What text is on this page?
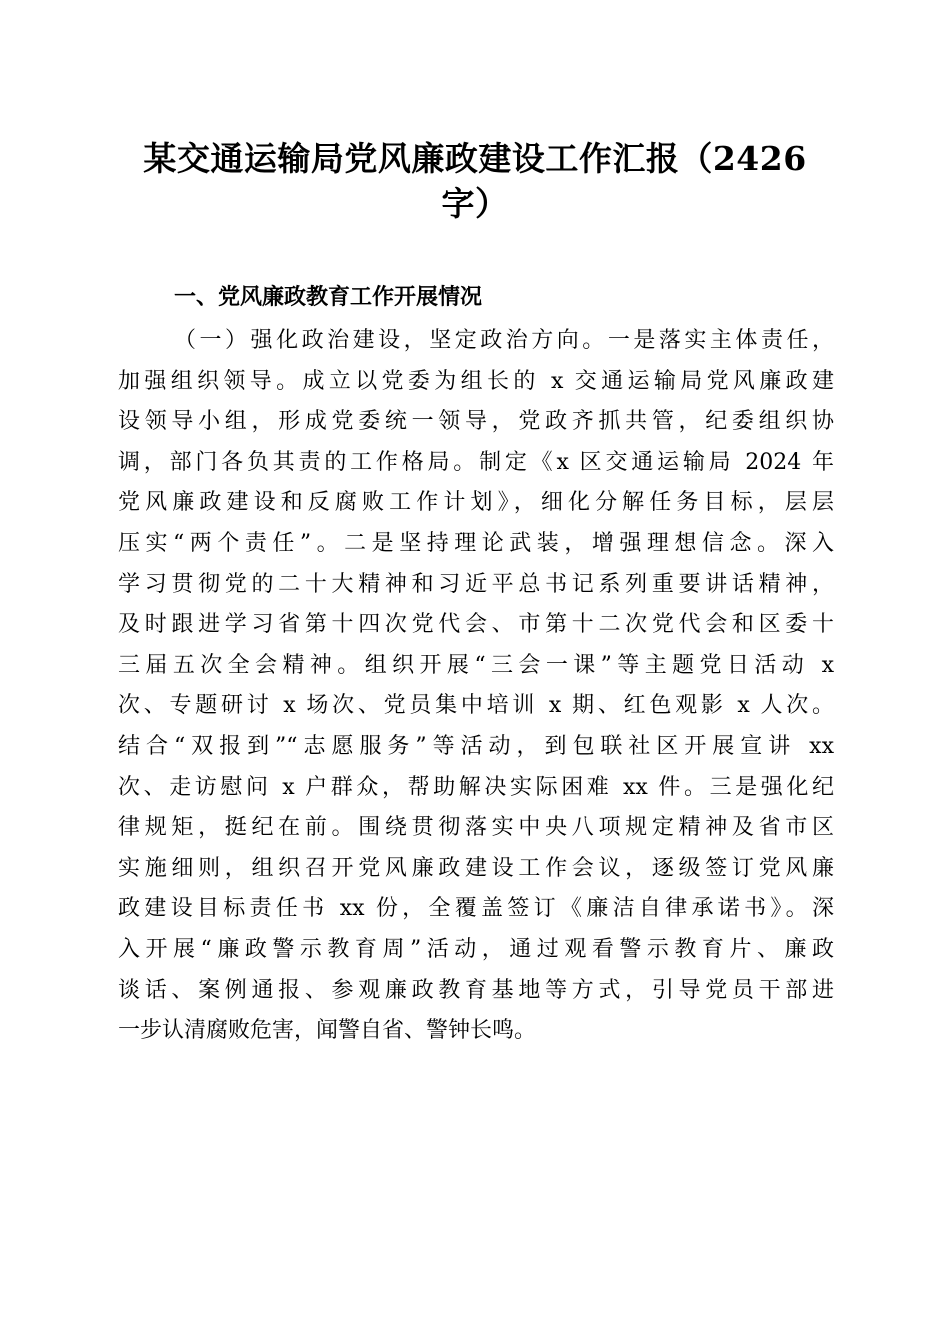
某交通运输局党风廉政建设工作汇报（2426
字）
一、党风廉政教育工作开展情况
（一）强化政治建设，坚定政治方向。一是落实主体责任，
加强组织领导。成立以党委为组长的 x 交通运输局党风廉政建
设领导小组，形成党委统一领导，党政齐抓共管，纪委组织协
调，部门各负其责的工作格局。制定《x 区交通运输局 2024 年
党风廉政建设和反腐败工作计划》，细化分解任务目标，层层
压实“两个责任”。二是坚持理论武装，增强理想信念。深入
学习贯彻党的二十大精神和习近平总书记系列重要讲话精神，
及时跟进学习省第十四次党代会、市第十二次党代会和区委十
三届五次全会精神。组织开展“三会一课”等主题党日活动 x
次、专题研讨 x 场次、党员集中培训 x 期、红色观影 x 人次。
结合“双报到”“志愿服务”等活动，到包联社区开展宣讲 xx
次、走访慰问 x 户群众，帮助解决实际困难 xx 件。三是强化纪
律规矩，挺纪在前。围绕贯彻落实中央八项规定精神及省市区
实施细则，组织召开党风廉政建设工作会议，逐级签订党风廉
政建设目标责任书 xx 份，全覆盖签订《廉洁自律承诺书》。深
入开展“廉政警示教育周”活动，通过观看警示教育片、廉政
谈话、案例通报、参观廉政教育基地等方式，引导党员干部进
一步认清腐败危害，闻警自省、警钟长鸣。
